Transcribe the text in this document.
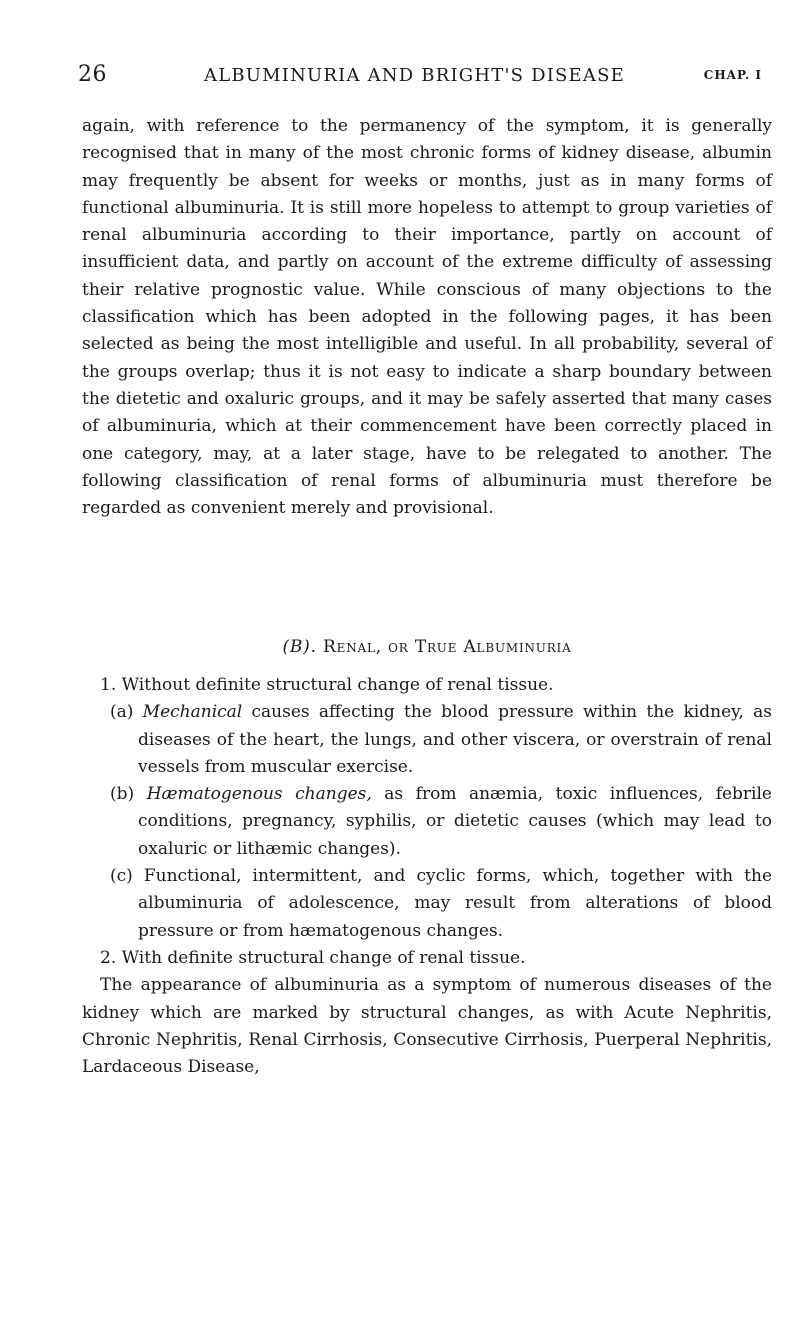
26	ALBUMINURIA AND BRIGHT'S DISEASE	CHAP. I

again, with reference to the permanency of the symptom, it is generally recognised that in many of the most chronic forms of kidney disease, albumin may frequently be absent for weeks or months, just as in many forms of functional albuminuria. It is still more hopeless to attempt to group varieties of renal albuminuria according to their importance, partly on account of insufficient data, and partly on account of the extreme difficulty of assessing their relative prognostic value. While conscious of many objections to the classification which has been adopted in the following pages, it has been selected as being the most intelligible and useful. In all probability, several of the groups overlap; thus it is not easy to indicate a sharp boundary between the dietetic and oxaluric groups, and it may be safely asserted that many cases of albuminuria, which at their commencement have been correctly placed in one category, may, at a later stage, have to be relegated to another. The following classification of renal forms of albuminuria must therefore be regarded as convenient merely and provisional.

(B). Renal, or True Albuminuria

1. Without definite structural change of renal tissue.

(a) Mechanical causes affecting the blood pressure within the kidney, as diseases of the heart, the lungs, and other viscera, or overstrain of renal vessels from muscular exercise.

(b) Hæmatogenous changes, as from anæmia, toxic influences, febrile conditions, pregnancy, syphilis, or dietetic causes (which may lead to oxaluric or lithæmic changes).

(c) Functional, intermittent, and cyclic forms, which, together with the albuminuria of adolescence, may result from alterations of blood pressure or from hæmatogenous changes.

2. With definite structural change of renal tissue.

The appearance of albuminuria as a symptom of numerous diseases of the kidney which are marked by structural changes, as with Acute Nephritis, Chronic Nephritis, Renal Cirrhosis, Consecutive Cirrhosis, Puerperal Nephritis, Lardaceous Disease,
